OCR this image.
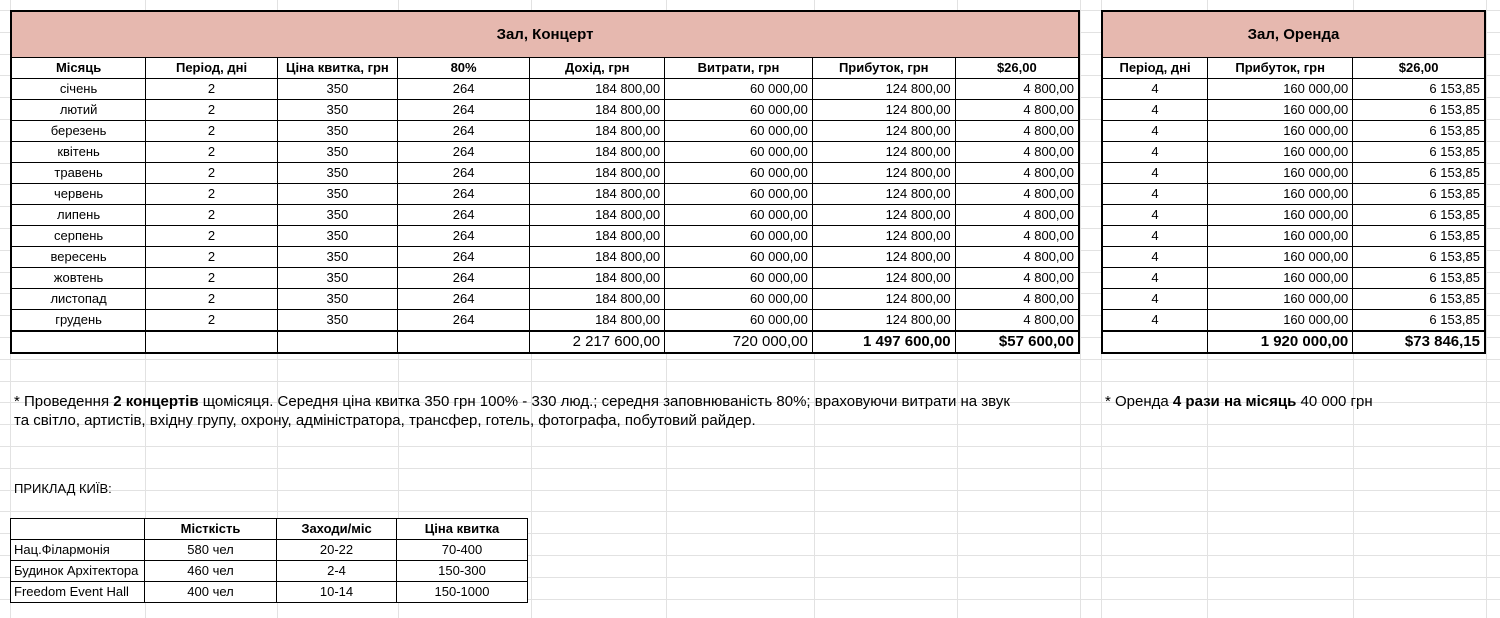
Зал, Концерт							
Місяць	Період, дні	Ціна квитка, грн	80%	Дохід, грн	Витрати, грн	Прибуток, грн	$26,00
січень	2	350	264	184 800,00	60 000,00	124 800,00	4 800,00
лютий	2	350	264	184 800,00	60 000,00	124 800,00	4 800,00
березень	2	350	264	184 800,00	60 000,00	124 800,00	4 800,00
квітень	2	350	264	184 800,00	60 000,00	124 800,00	4 800,00
травень	2	350	264	184 800,00	60 000,00	124 800,00	4 800,00
червень	2	350	264	184 800,00	60 000,00	124 800,00	4 800,00
липень	2	350	264	184 800,00	60 000,00	124 800,00	4 800,00
серпень	2	350	264	184 800,00	60 000,00	124 800,00	4 800,00
вересень	2	350	264	184 800,00	60 000,00	124 800,00	4 800,00
жовтень	2	350	264	184 800,00	60 000,00	124 800,00	4 800,00
листопад	2	350	264	184 800,00	60 000,00	124 800,00	4 800,00
грудень	2	350	264	184 800,00	60 000,00	124 800,00	4 800,00
				2 217 600,00	720 000,00	1 497 600,00	$57 600,00
Зал, Оренда		
Період, дні	Прибуток, грн	$26,00
4	160 000,00	6 153,85
4	160 000,00	6 153,85
4	160 000,00	6 153,85
4	160 000,00	6 153,85
4	160 000,00	6 153,85
4	160 000,00	6 153,85
4	160 000,00	6 153,85
4	160 000,00	6 153,85
4	160 000,00	6 153,85
4	160 000,00	6 153,85
4	160 000,00	6 153,85
4	160 000,00	6 153,85
	1 920 000,00	$73 846,15
* Проведення 2 концертів щомісяця. Середня ціна квитка 350 грн 100% - 330 люд.; середня заповнюваність 80%; враховуючи витрати на звук
та світло, артистів, вхідну групу, охрону, адміністратора, трансфер, готель, фотографа, побутовий райдер.
* Оренда 4 рази на місяць 40 000 грн
ПРИКЛАД КИЇВ:
	Місткість	Заходи/міс	Ціна квитка
Нац.Філармонія	580 чел	20-22	70-400
Будинок Архітектора	460 чел	2-4	150-300
Freedom Event Hall	400 чел	10-14	150-1000
